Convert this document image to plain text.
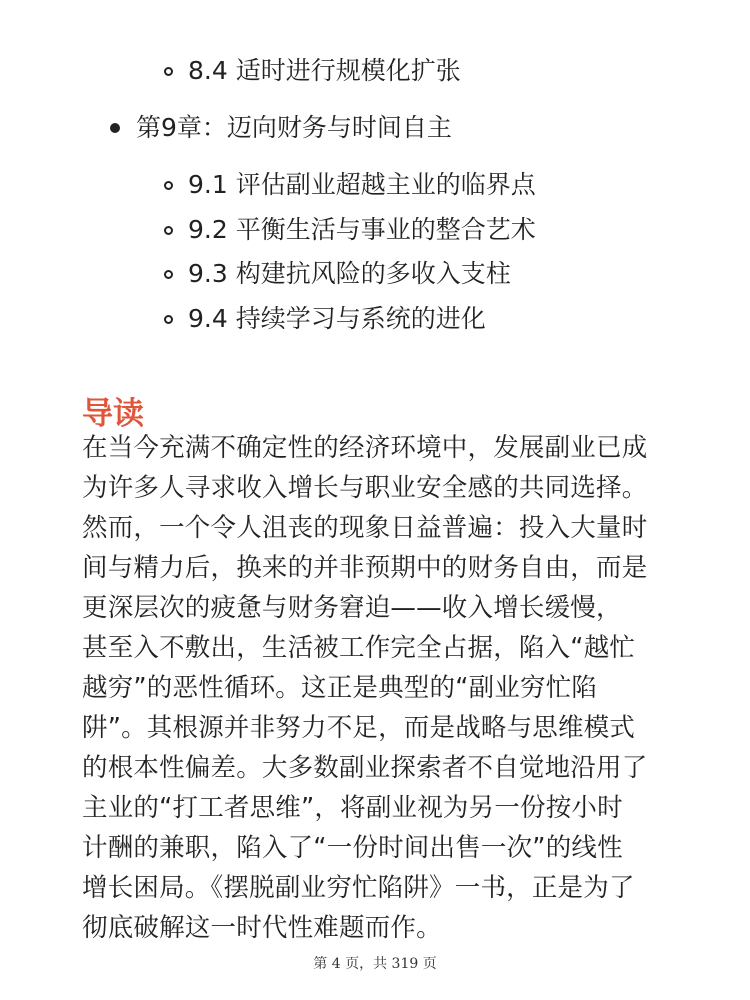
8.4 适时进行规模化扩张
第9章：迈向财务与时间自主
9.1 评估副业超越主业的临界点
9.2 平衡生活与事业的整合艺术
9.3 构建抗风险的多收入支柱
9.4 持续学习与系统的进化
导读
在当今充满不确定性的经济环境中，发展副业已成
为许多人寻求收入增长与职业安全感的共同选择。
然而，一个令人沮丧的现象日益普遍：投入大量时
间与精力后，换来的并非预期中的财务自由，而是
更深层次的疲惫与财务窘迫——收入增长缓慢，
甚至入不敷出，生活被工作完全占据，陷入“越忙
越穷”的恶性循环。这正是典型的“副业穷忙陷
阱”。其根源并非努力不足，而是战略与思维模式
的根本性偏差。大多数副业探索者不自觉地沿用了
主业的“打工者思维”，将副业视为另一份按小时
计酬的兼职，陷入了“一份时间出售一次”的线性
增长困局。《摆脱副业穷忙陷阱》一书，正是为了
彻底破解这一时代性难题而作。
第 4 页，共 319 页
